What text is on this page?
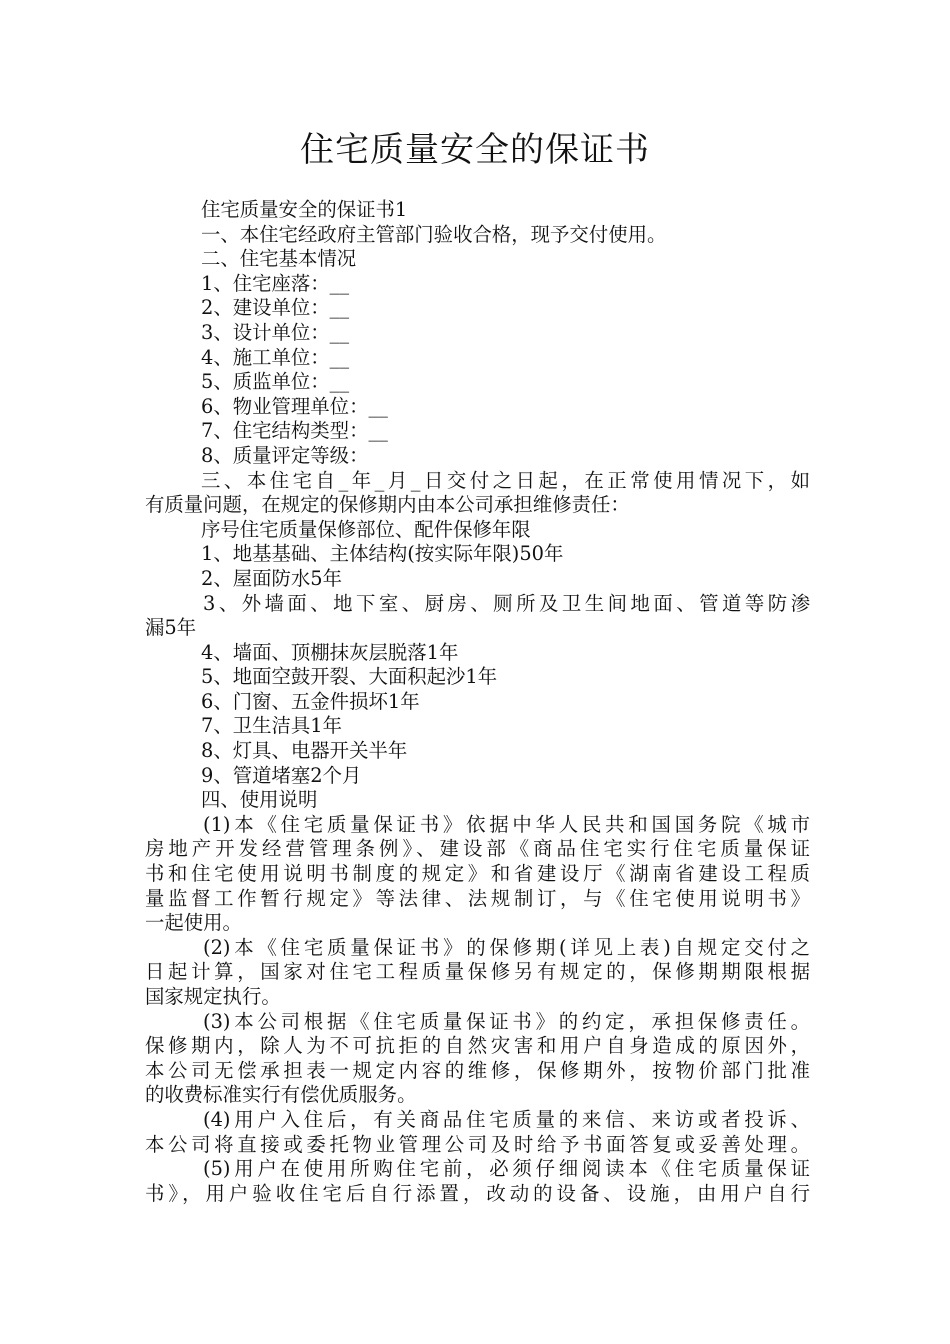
住宅质量安全的保证书
住宅质量安全的保证书1
一、本住宅经政府主管部门验收合格，现予交付使用。
二、住宅基本情况
1、住宅座落：__
2、建设单位：__
3、设计单位：__
4、施工单位：__
5、质监单位：__
6、物业管理单位：__
7、住宅结构类型：__
8、质量评定等级：
三、本住宅自_年_月_日交付之日起，在正常使用情况下，如
有质量问题，在规定的保修期内由本公司承担维修责任：
序号住宅质量保修部位、配件保修年限
1、地基基础、主体结构(按实际年限)50年
2、屋面防水5年
3、外墙面、地下室、厨房、厕所及卫生间地面、管道等防渗
漏5年
4、墙面、顶棚抹灰层脱落1年
5、地面空鼓开裂、大面积起沙1年
6、门窗、五金件损坏1年
7、卫生洁具1年
8、灯具、电器开关半年
9、管道堵塞2个月
四、使用说明
(1)本《住宅质量保证书》依据中华人民共和国国务院《城市
房地产开发经营管理条例》、建设部《商品住宅实行住宅质量保证
书和住宅使用说明书制度的规定》和省建设厅《湖南省建设工程质
量监督工作暂行规定》等法律、法规制订，与《住宅使用说明书》
一起使用。
(2)本《住宅质量保证书》的保修期(详见上表)自规定交付之
日起计算，国家对住宅工程质量保修另有规定的，保修期期限根据
国家规定执行。
(3)本公司根据《住宅质量保证书》的约定，承担保修责任。
保修期内，除人为不可抗拒的自然灾害和用户自身造成的原因外，
本公司无偿承担表一规定内容的维修，保修期外，按物价部门批准
的收费标准实行有偿优质服务。
(4)用户入住后，有关商品住宅质量的来信、来访或者投诉、
本公司将直接或委托物业管理公司及时给予书面答复或妥善处理。
(5)用户在使用所购住宅前，必须仔细阅读本《住宅质量保证
书》，用户验收住宅后自行添置，改动的设备、设施，由用户自行
